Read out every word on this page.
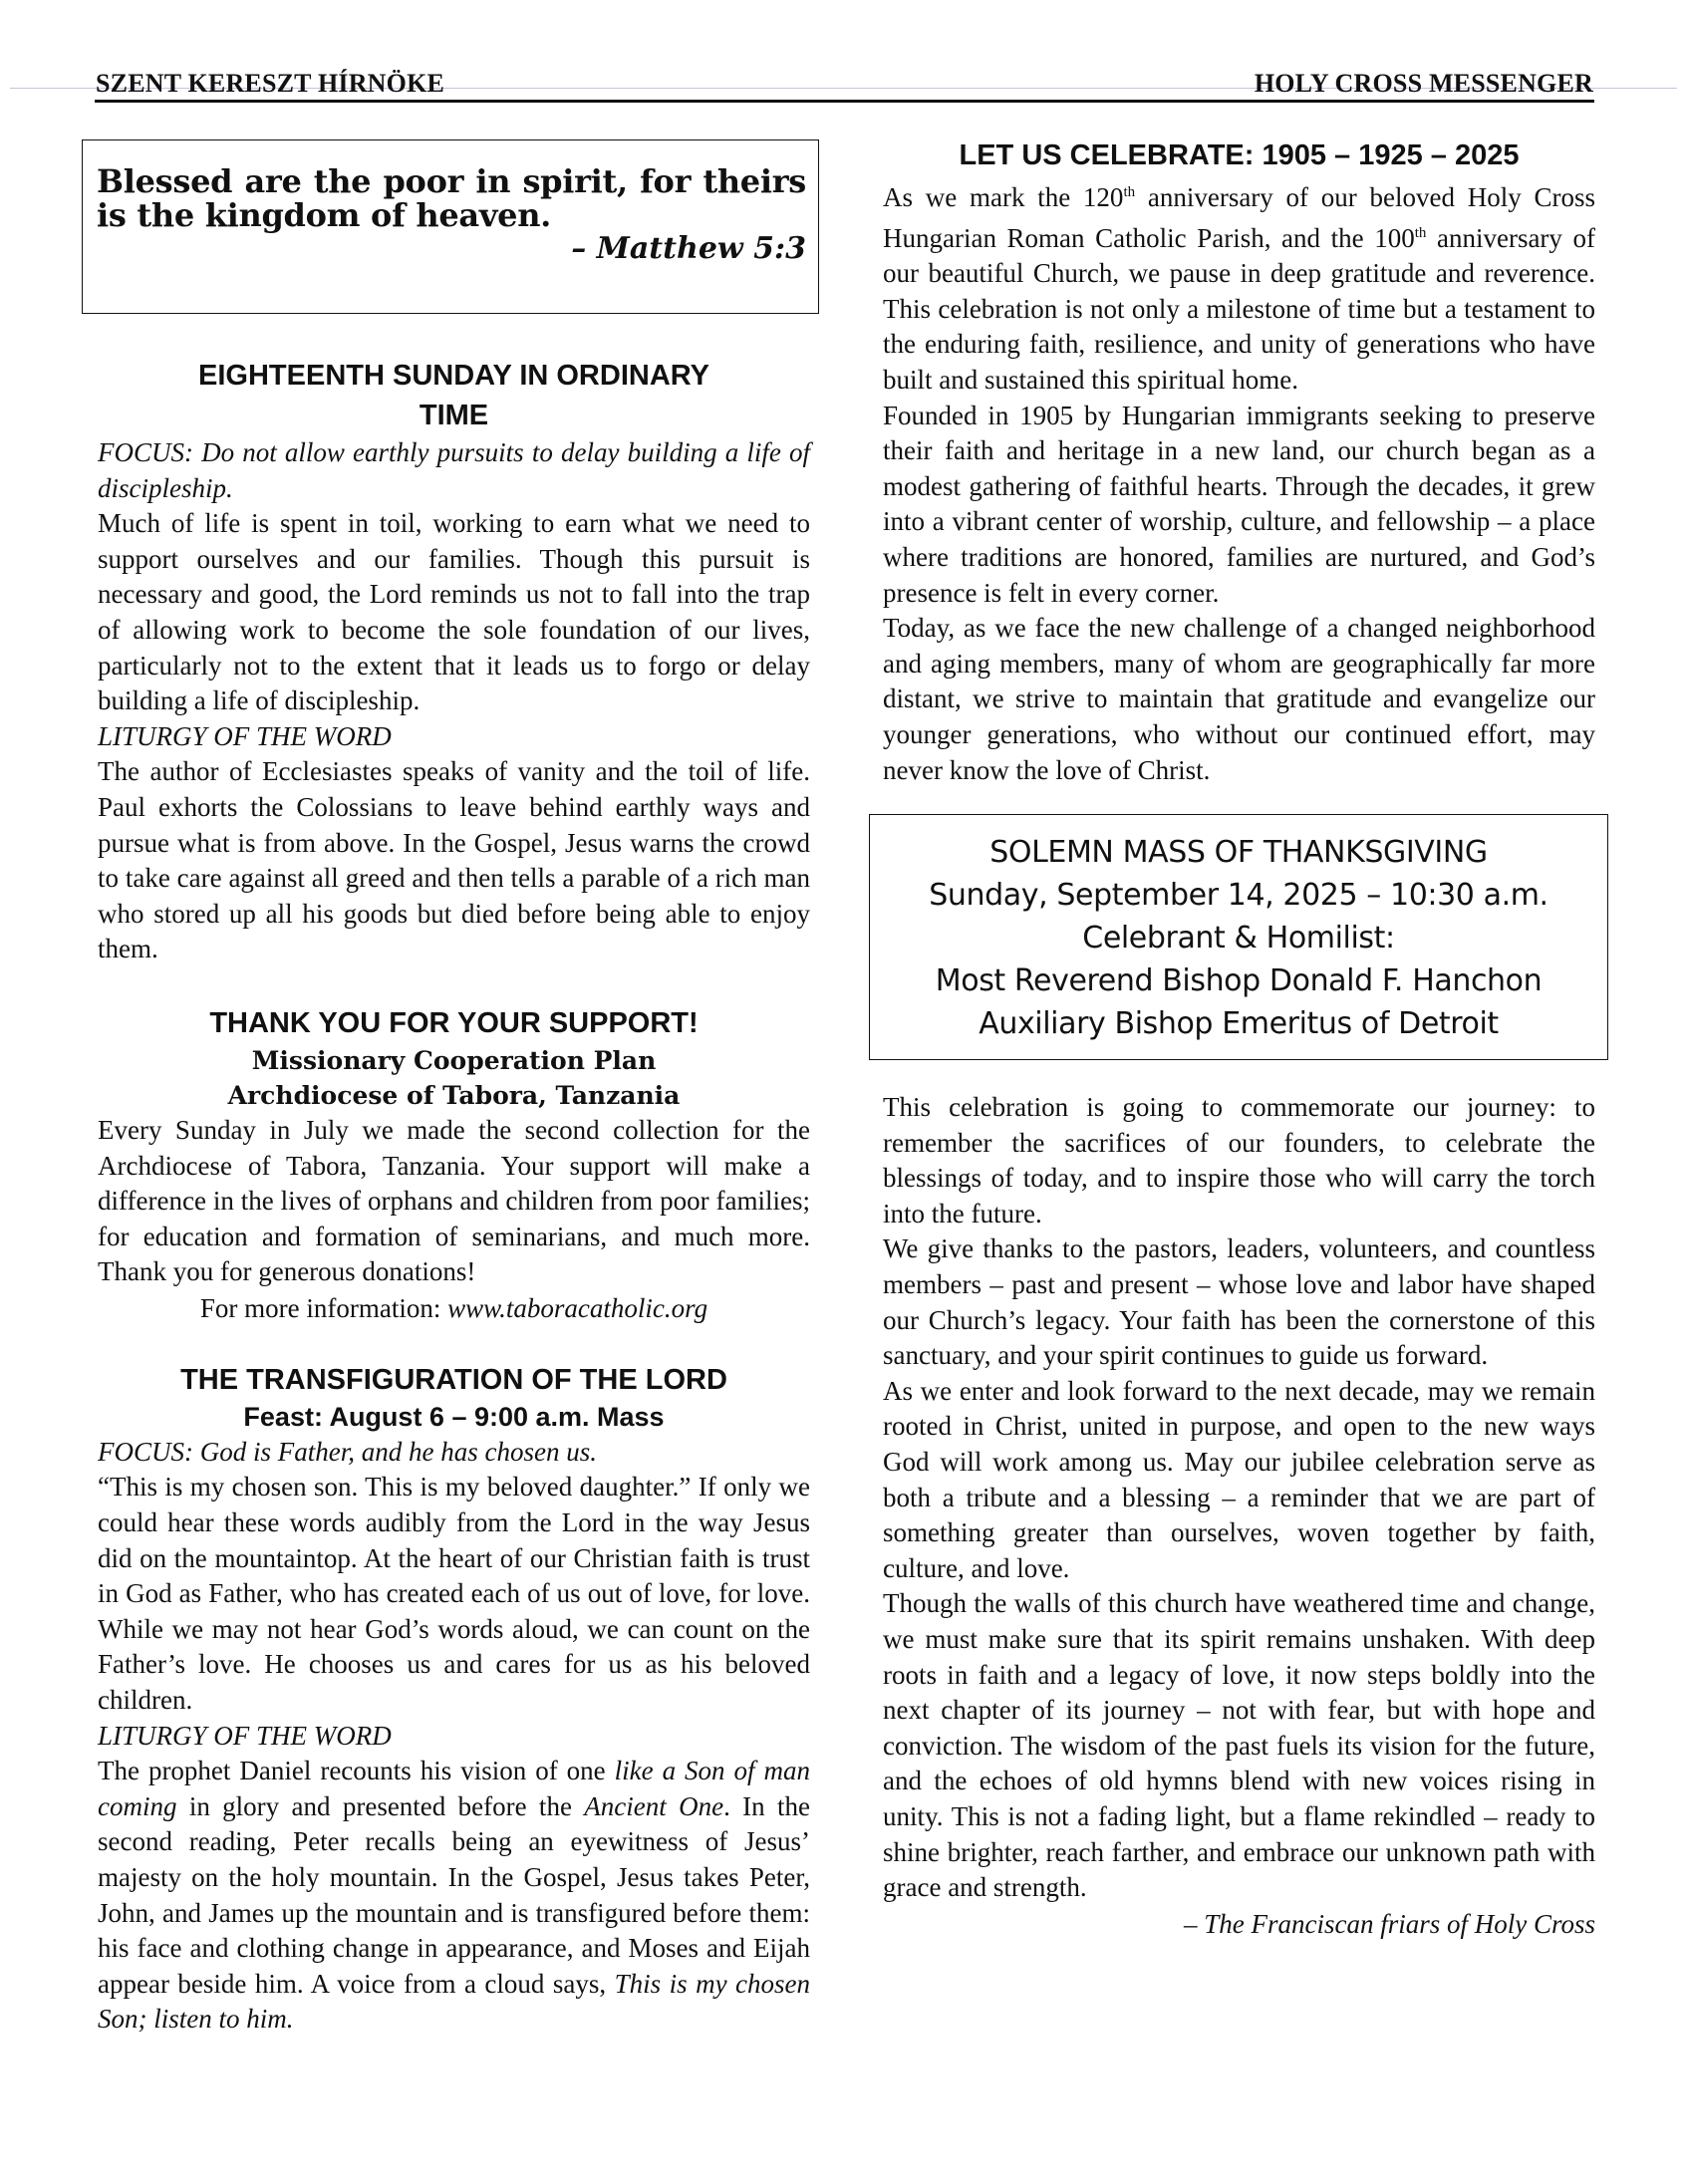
SZENT KERESZT HÍRNÖKE	HOLY CROSS MESSENGER
Blessed are the poor in spirit, for theirs is the kingdom of heaven.
– Matthew 5:3

EIGHTEENTH SUNDAY IN ORDINARY

TIME

FOCUS: Do not allow earthly pursuits to delay building a life of discipleship.

Much of life is spent in toil, working to earn what we need to support ourselves and our families. Though this pursuit is necessary and good, the Lord reminds us not to fall into the trap of allowing work to become the sole foundation of our lives, particularly not to the extent that it leads us to forgo or delay building a life of discipleship.

LITURGY OF THE WORD

The author of Ecclesiastes speaks of vanity and the toil of life. Paul exhorts the Colossians to leave behind earthly ways and pursue what is from above. In the Gospel, Jesus warns the crowd to take care against all greed and then tells a parable of a rich man who stored up all his goods but died before being able to enjoy them.

THANK YOU FOR YOUR SUPPORT!

Missionary Cooperation Plan

Archdiocese of Tabora, Tanzania

Every Sunday in July we made the second collection for the Archdiocese of Tabora, Tanzania. Your support will make a difference in the lives of orphans and children from poor families; for education and formation of seminarians, and much more. Thank you for generous donations!

For more information: www.taboracatholic.org

THE TRANSFIGURATION OF THE LORD

Feast: August 6 – 9:00 a.m. Mass

FOCUS: God is Father, and he has chosen us.

“This is my chosen son. This is my beloved daughter.” If only we could hear these words audibly from the Lord in the way Jesus did on the mountaintop. At the heart of our Christian faith is trust in God as Father, who has created each of us out of love, for love. While we may not hear God’s words aloud, we can count on the Father’s love. He chooses us and cares for us as his beloved children.

LITURGY OF THE WORD

The prophet Daniel recounts his vision of one like a Son of man coming in glory and presented before the Ancient One. In the second reading, Peter recalls being an eyewitness of Jesus’ majesty on the holy mountain. In the Gospel, Jesus takes Peter, John, and James up the mountain and is transfigured before them: his face and clothing change in appearance, and Moses and Eijah appear beside him. A voice from a cloud says, This is my chosen Son; listen to him.

LET US CELEBRATE: 1905 – 1925 – 2025

As we mark the 120th anniversary of our beloved Holy Cross Hungarian Roman Catholic Parish, and the 100th anniversary of our beautiful Church, we pause in deep gratitude and reverence. This celebration is not only a milestone of time but a testament to the enduring faith, resilience, and unity of generations who have built and sustained this spiritual home.

Founded in 1905 by Hungarian immigrants seeking to preserve their faith and heritage in a new land, our church began as a modest gathering of faithful hearts. Through the decades, it grew into a vibrant center of worship, culture, and fellowship – a place where traditions are honored, families are nurtured, and God’s presence is felt in every corner.

Today, as we face the new challenge of a changed neighborhood and aging members, many of whom are geographically far more distant, we strive to maintain that gratitude and evangelize our younger generations, who without our continued effort, may never know the love of Christ.

SOLEMN MASS OF THANKSGIVING
Sunday, September 14, 2025 – 10:30 a.m.
Celebrant & Homilist:
Most Reverend Bishop Donald F. Hanchon
Auxiliary Bishop Emeritus of Detroit

This celebration is going to commemorate our journey: to remember the sacrifices of our founders, to celebrate the blessings of today, and to inspire those who will carry the torch into the future.

We give thanks to the pastors, leaders, volunteers, and countless members – past and present – whose love and labor have shaped our Church’s legacy. Your faith has been the cornerstone of this sanctuary, and your spirit continues to guide us forward.

As we enter and look forward to the next decade, may we remain rooted in Christ, united in purpose, and open to the new ways God will work among us. May our jubilee celebration serve as both a tribute and a blessing – a reminder that we are part of something greater than ourselves, woven together by faith, culture, and love.

Though the walls of this church have weathered time and change, we must make sure that its spirit remains unshaken. With deep roots in faith and a legacy of love, it now steps boldly into the next chapter of its journey – not with fear, but with hope and conviction. The wisdom of the past fuels its vision for the future, and the echoes of old hymns blend with new voices rising in unity. This is not a fading light, but a flame rekindled – ready to shine brighter, reach farther, and embrace our unknown path with grace and strength.

– The Franciscan friars of Holy Cross
